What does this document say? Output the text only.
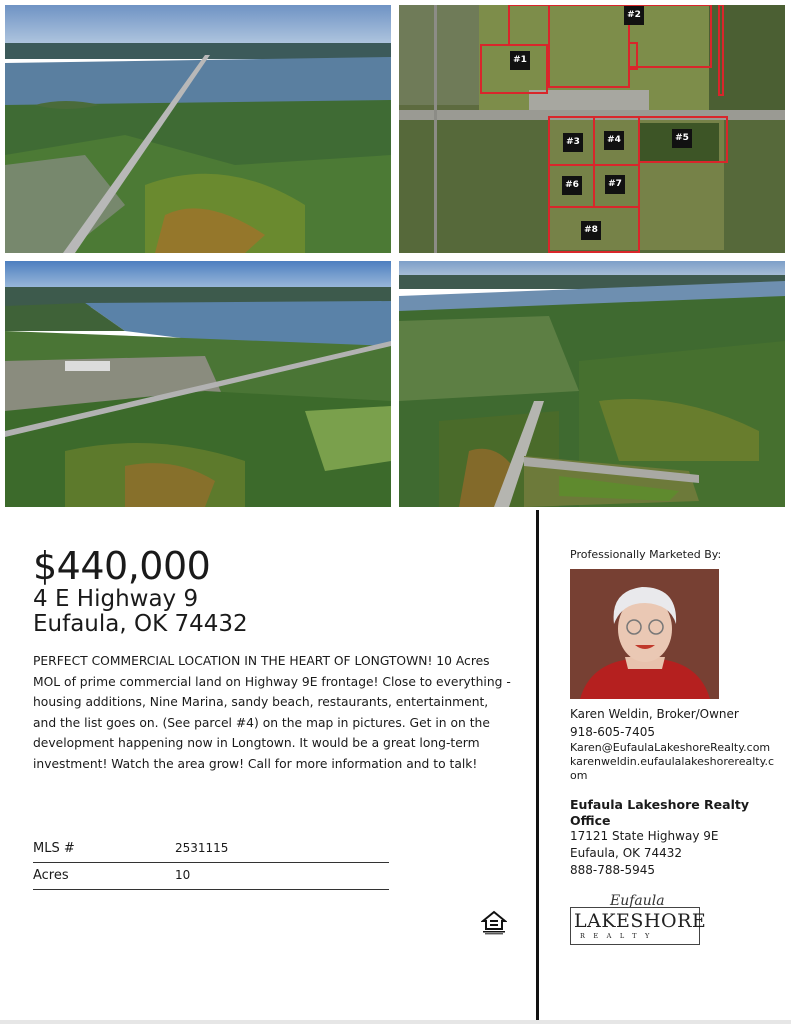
#1
#2
#3	#4	#5
#6	#7
#8
$440,000
4 E Highway 9
Eufaula, OK 74432
PERFECT COMMERCIAL LOCATION IN THE HEART OF LONGTOWN! 10 Acres MOL of prime commercial land on Highway 9E frontage! Close to everything - housing additions, Nine Marina, sandy beach, restaurants, entertainment, and the list goes on. (See parcel #4) on the map in pictures. Get in on the development happening now in Longtown. It would be a great long-term investment! Watch the area grow! Call for more information and to talk!
MLS #	2531115
Acres	10
Professionally Marketed By:
Karen Weldin, Broker/Owner
918-605-7405
Karen@EufaulaLakeshoreRealty.com
karenweldin.eufaulalakeshorerealty.com
Eufaula Lakeshore Realty Office
17121 State Highway 9E
Eufaula, OK 74432
888-788-5945
Eufaula
LAKESHORE
REALTY
